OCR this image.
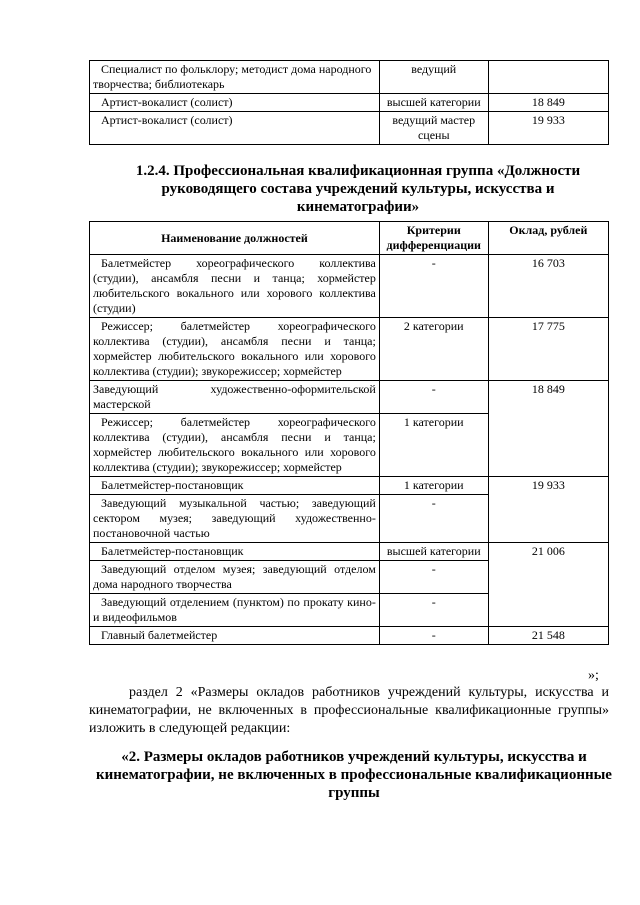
Специалист по фольклору; методист дома народного творчества; библиотекарь	ведущий	
Артист-вокалист (солист)	высшей категории	18 849
Артист-вокалист (солист)	ведущий мастер сцены	19 933
1.2.4. Профессиональная квалификационная группа «Должности руководящего состава учреждений культуры, искусства и кинематографии»
Наименование должностей	Критерии дифференциации	Оклад, рублей
Балетмейстер хореографического коллектива (студии), ансамбля песни и танца; хормейстер любительского вокального или хорового коллектива (студии)	-	16 703
Режиссер; балетмейстер хореографического коллектива (студии), ансамбля песни и танца; хормейстер любительского вокального или хорового коллектива (студии); звукорежиссер; хормейстер	2 категории	17 775
Заведующий художественно-оформительской мастерской	-	18 849
Режиссер; балетмейстер хореографического коллектива (студии), ансамбля песни и танца; хормейстер любительского вокального или хорового коллектива (студии); звукорежиссер; хормейстер	1 категории	
Балетмейстер-постановщик	1 категории	19 933
Заведующий музыкальной частью; заведующий сектором музея; заведующий художественно-постановочной частью	-	
Балетмейстер-постановщик	высшей категории	21 006
Заведующий отделом музея; заведующий отделом дома народного творчества	-	
Заведующий отделением (пунктом) по прокату кино- и видеофильмов	-	
Главный балетмейстер	-	21 548
»;
раздел 2 «Размеры окладов работников учреждений культуры, искусства и кинематографии, не включенных в профессиональные квалификационные группы» изложить в следующей редакции:
«2. Размеры окладов работников учреждений культуры, искусства и кинематографии, не включенных в профессиональные квалификационные группы
